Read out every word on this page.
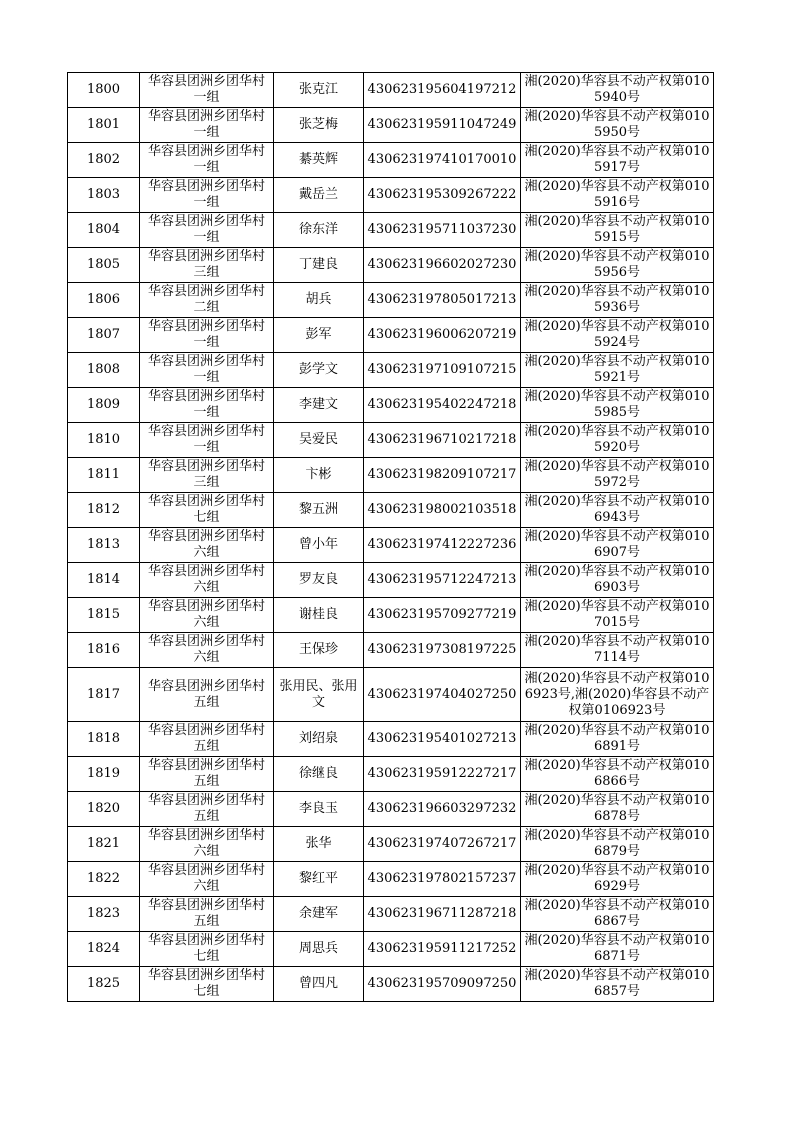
1800	华容县团洲乡团华村一组	张克江	430623195604197212	湘(2020)华容县不动产权第0105940号
1801	华容县团洲乡团华村一组	张芝梅	430623195911047249	湘(2020)华容县不动产权第0105950号
1802	华容县团洲乡团华村一组	綦英辉	430623197410170010	湘(2020)华容县不动产权第0105917号
1803	华容县团洲乡团华村一组	戴岳兰	430623195309267222	湘(2020)华容县不动产权第0105916号
1804	华容县团洲乡团华村一组	徐东洋	430623195711037230	湘(2020)华容县不动产权第0105915号
1805	华容县团洲乡团华村三组	丁建良	430623196602027230	湘(2020)华容县不动产权第0105956号
1806	华容县团洲乡团华村二组	胡兵	430623197805017213	湘(2020)华容县不动产权第0105936号
1807	华容县团洲乡团华村一组	彭军	430623196006207219	湘(2020)华容县不动产权第0105924号
1808	华容县团洲乡团华村一组	彭学文	430623197109107215	湘(2020)华容县不动产权第0105921号
1809	华容县团洲乡团华村一组	李建文	430623195402247218	湘(2020)华容县不动产权第0105985号
1810	华容县团洲乡团华村一组	吴爱民	430623196710217218	湘(2020)华容县不动产权第0105920号
1811	华容县团洲乡团华村三组	卞彬	430623198209107217	湘(2020)华容县不动产权第0105972号
1812	华容县团洲乡团华村七组	黎五洲	430623198002103518	湘(2020)华容县不动产权第0106943号
1813	华容县团洲乡团华村六组	曾小年	430623197412227236	湘(2020)华容县不动产权第0106907号
1814	华容县团洲乡团华村六组	罗友良	430623195712247213	湘(2020)华容县不动产权第0106903号
1815	华容县团洲乡团华村六组	谢桂良	430623195709277219	湘(2020)华容县不动产权第0107015号
1816	华容县团洲乡团华村六组	王保珍	430623197308197225	湘(2020)华容县不动产权第0107114号
1817	华容县团洲乡团华村五组	张用民、张用文	430623197404027250	湘(2020)华容县不动产权第0106923号,湘(2020)华容县不动产权第0106923号
1818	华容县团洲乡团华村五组	刘绍泉	430623195401027213	湘(2020)华容县不动产权第0106891号
1819	华容县团洲乡团华村五组	徐继良	430623195912227217	湘(2020)华容县不动产权第0106866号
1820	华容县团洲乡团华村五组	李良玉	430623196603297232	湘(2020)华容县不动产权第0106878号
1821	华容县团洲乡团华村六组	张华	430623197407267217	湘(2020)华容县不动产权第0106879号
1822	华容县团洲乡团华村六组	黎红平	430623197802157237	湘(2020)华容县不动产权第0106929号
1823	华容县团洲乡团华村五组	余建军	430623196711287218	湘(2020)华容县不动产权第0106867号
1824	华容县团洲乡团华村七组	周思兵	430623195911217252	湘(2020)华容县不动产权第0106871号
1825	华容县团洲乡团华村七组	曾四凡	430623195709097250	湘(2020)华容县不动产权第0106857号
